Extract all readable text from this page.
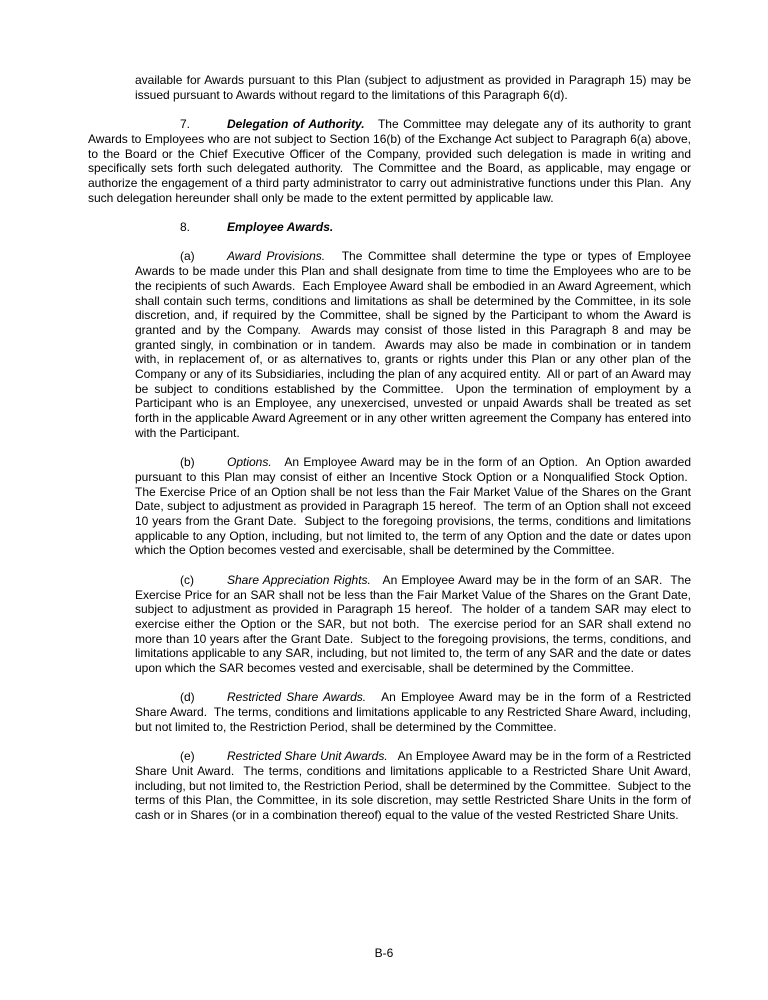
available for Awards pursuant to this Plan (subject to adjustment as provided in Paragraph 15) may be issued pursuant to Awards without regard to the limitations of this Paragraph 6(d).

7.	Delegation of Authority.   The Committee may delegate any of its authority to grant Awards to Employees who are not subject to Section 16(b) of the Exchange Act subject to Paragraph 6(a) above, to the Board or the Chief Executive Officer of the Company, provided such delegation is made in writing and specifically sets forth such delegated authority.  The Committee and the Board, as applicable, may engage or authorize the engagement of a third party administrator to carry out administrative functions under this Plan.  Any such delegation hereunder shall only be made to the extent permitted by applicable law.

8.	Employee Awards.

(a)	Award Provisions.   The Committee shall determine the type or types of Employee Awards to be made under this Plan and shall designate from time to time the Employees who are to be the recipients of such Awards.  Each Employee Award shall be embodied in an Award Agreement, which shall contain such terms, conditions and limitations as shall be determined by the Committee, in its sole discretion, and, if required by the Committee, shall be signed by the Participant to whom the Award is granted and by the Company.  Awards may consist of those listed in this Paragraph 8 and may be granted singly, in combination or in tandem.  Awards may also be made in combination or in tandem with, in replacement of, or as alternatives to, grants or rights under this Plan or any other plan of the Company or any of its Subsidiaries, including the plan of any acquired entity.  All or part of an Award may be subject to conditions established by the Committee.  Upon the termination of employment by a Participant who is an Employee, any unexercised, unvested or unpaid Awards shall be treated as set forth in the applicable Award Agreement or in any other written agreement the Company has entered into with the Participant.

(b)	Options.   An Employee Award may be in the form of an Option.  An Option awarded pursuant to this Plan may consist of either an Incentive Stock Option or a Nonqualified Stock Option.  The Exercise Price of an Option shall be not less than the Fair Market Value of the Shares on the Grant Date, subject to adjustment as provided in Paragraph 15 hereof.  The term of an Option shall not exceed 10 years from the Grant Date.  Subject to the foregoing provisions, the terms, conditions and limitations applicable to any Option, including, but not limited to, the term of any Option and the date or dates upon which the Option becomes vested and exercisable, shall be determined by the Committee.

(c)	Share Appreciation Rights.   An Employee Award may be in the form of an SAR.  The Exercise Price for an SAR shall not be less than the Fair Market Value of the Shares on the Grant Date, subject to adjustment as provided in Paragraph 15 hereof.  The holder of a tandem SAR may elect to exercise either the Option or the SAR, but not both.  The exercise period for an SAR shall extend no more than 10 years after the Grant Date.  Subject to the foregoing provisions, the terms, conditions, and limitations applicable to any SAR, including, but not limited to, the term of any SAR and the date or dates upon which the SAR becomes vested and exercisable, shall be determined by the Committee.

(d)	Restricted Share Awards.   An Employee Award may be in the form of a Restricted Share Award.  The terms, conditions and limitations applicable to any Restricted Share Award, including, but not limited to, the Restriction Period, shall be determined by the Committee.

(e)	Restricted Share Unit Awards.   An Employee Award may be in the form of a Restricted Share Unit Award.  The terms, conditions and limitations applicable to a Restricted Share Unit Award, including, but not limited to, the Restriction Period, shall be determined by the Committee.  Subject to the terms of this Plan, the Committee, in its sole discretion, may settle Restricted Share Units in the form of cash or in Shares (or in a combination thereof) equal to the value of the vested Restricted Share Units.

B-6
